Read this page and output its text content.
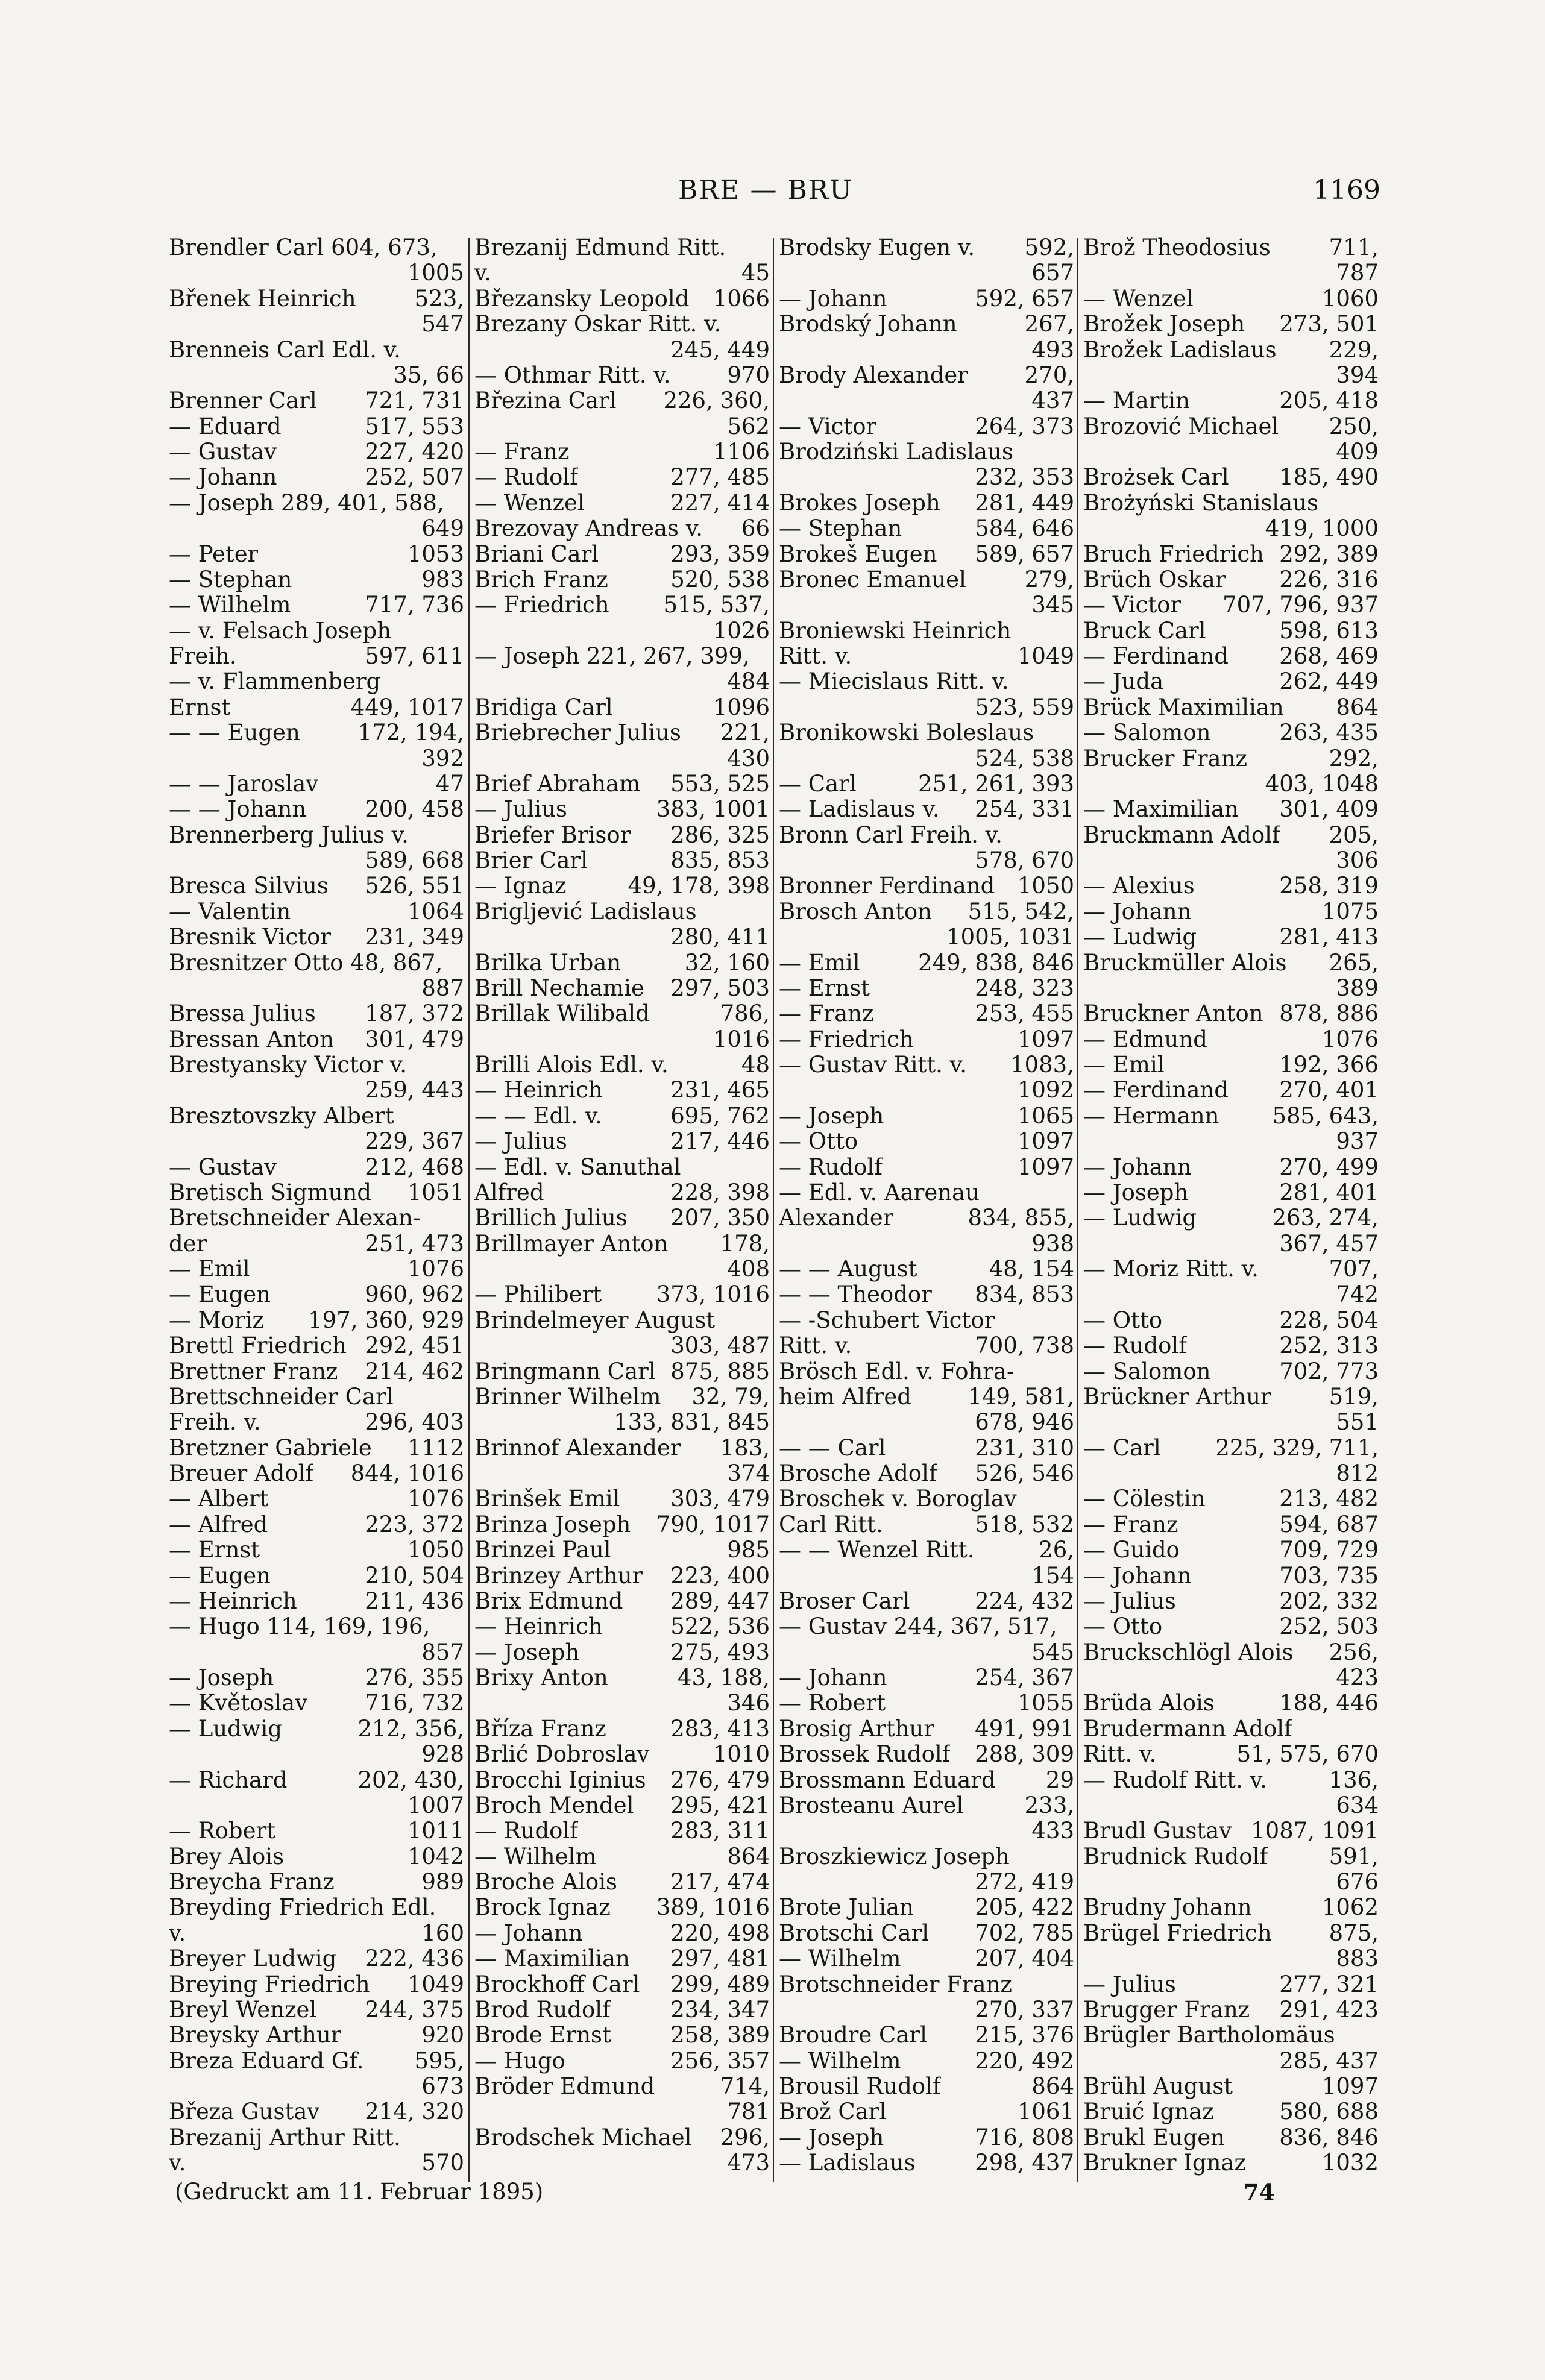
BRE — BRU	1169
Brendler Carl 604, 673,
1005
Břenek Heinrich	523,
547
Brenneis Carl Edl. v.
35, 66
Brenner Carl 721, 731
— Eduard	517, 553
— Gustav	227, 420
— Johann	252, 507
— Joseph 289, 401, 588,
649
— Peter	1053
— Stephan	983
— Wilhelm	717, 736
— v. Felsach Joseph
Freih.	597, 611
— v. Flammenberg
Ernst	449, 1017
— — Eugen	172, 194,
392
— — Jaroslav	47
— — Johann	200, 458
Brennerberg Julius v.
589, 668
Bresca Silvius 526, 551
— Valentin	1064
Bresnik Victor 231, 349
Bresnitzer Otto 48, 867,
887
Bressa Julius 187, 372
Bressan Anton 301, 479
Brestyansky Victor v.
259, 443
Bresztovszky Albert
229, 367
— Gustav	212, 468
Bretisch Sigmund 1051
Bretschneider Alexan-
der	251, 473
— Emil	1076
— Eugen	960, 962
— Moriz 197, 360, 929
Brettl Friedrich 292, 451
Brettner Franz 214, 462
Brettschneider Carl
Freih. v.	296, 403
Bretzner Gabriele 1112
Breuer Adolf 844, 1016
— Albert	1076
— Alfred	223, 372
— Ernst	1050
— Eugen	210, 504
— Heinrich	211, 436
— Hugo 114, 169, 196,
857
— Joseph	276, 355
— Květoslav	716, 732
— Ludwig	212, 356,
928
— Richard	202, 430,
1007
— Robert	1011
Brey Alois	1042
Breycha Franz	989
Breyding Friedrich Edl.
v.	160
Breyer Ludwig 222, 436
Breying Friedrich 1049
Breyl Wenzel 244, 375
Breysky Arthur	920
Breza Eduard Gf. 595,
673
Březa Gustav 214, 320
Brezanij Arthur Ritt.
v.	570
Brezanij Edmund Ritt.
v.	45
Březansky Leopold 1066
Brezany Oskar Ritt. v.
245, 449
— Othmar Ritt. v.	970
Březina Carl 226, 360,
562
— Franz	1106
— Rudolf	277, 485
— Wenzel	227, 414
Brezovay Andreas v. 66
Briani Carl	293, 359
Brich Franz	520, 538
— Friedrich 515, 537,
1026
— Joseph 221, 267, 399,
484
Bridiga Carl	1096
Briebrecher Julius 221,
430
Brief Abraham 553, 525
— Julius	383, 1001
Briefer Brisor 286, 325
Brier Carl	835, 853
— Ignaz	49, 178, 398
Briglјević Ladislaus
280, 411
Brilka Urban	32, 160
Brill Nechamie 297, 503
Brillak Wilibald	786,
1016
Brilli Alois Edl. v.	48
— Heinrich	231, 465
— — Edl. v.	695, 762
— Julius	217, 446
— Edl. v. Sanuthal
Alfred	228, 398
Brillich Julius 207, 350
Brillmayer Anton 178,
408
— Philibert 373, 1016
Brindelmeyer August
303, 487
Bringmann Carl 875, 885
Brinner Wilhelm 32, 79,
133, 831, 845
Brinnof Alexander 183,
374
Brinšek Emil 303, 479
Brinza Joseph 790, 1017
Brinzei Paul	985
Brinzey Arthur 223, 400
Brix Edmund 289, 447
— Heinrich	522, 536
— Joseph	275, 493
Brixy Anton	43, 188,
346
Bříza Franz	283, 413
Brlić Dobroslav	1010
Brocchi Iginius 276, 479
Broch Mendel 295, 421
— Rudolf	283, 311
— Wilhelm	864
Broche Alois 217, 474
Brock Ignaz 389, 1016
— Johann	220, 498
— Maximilian 297, 481
Brockhoff Carl 299, 489
Brod Rudolf	234, 347
Brode Ernst	258, 389
— Hugo	256, 357
Bröder Edmund	714,
781
Brodschek Michael 296,
473
Brodsky Eugen v. 592,
657
— Johann	592, 657
Brodský Johann	267,
493
Brody Alexander	270,
437
— Victor	264, 373
Brodziński Ladislaus
232, 353
Brokes Joseph 281, 449
— Stephan	584, 646
Brokeš Eugen 589, 657
Bronec Emanuel	279,
345
Broniewski Heinrich
Ritt. v.	1049
— Miecislaus Ritt. v.
523, 559
Bronikowski Boleslaus
524, 538
— Carl	251, 261, 393
— Ladislaus v. 254, 331
Bronn Carl Freih. v.
578, 670
Bronner Ferdinand 1050
Brosch Anton 515, 542,
1005, 1031
— Emil	249, 838, 846
— Ernst	248, 323
— Franz	253, 455
— Friedrich	1097
— Gustav Ritt. v. 1083,
1092
— Joseph	1065
— Otto	1097
— Rudolf	1097
— Edl. v. Aarenau
Alexander	834, 855,
938
— — August	48, 154
— — Theodor 834, 853
— -Schubert Victor
Ritt. v.	700, 738
Brösch Edl. v. Fohra-
heim Alfred	149, 581,
678, 946
— — Carl	231, 310
Brosche Adolf 526, 546
Broschek v. Boroglav
Carl Ritt.	518, 532
— — Wenzel Ritt.	26,
154
Broser Carl	224, 432
— Gustav 244, 367, 517,
545
— Johann	254, 367
— Robert	1055
Brosig Arthur 491, 991
Brossek Rudolf 288, 309
Brossmann Eduard 29
Brosteanu Aurel	233,
433
Broszkiewicz Joseph
272, 419
Brote Julian	205, 422
Brotschi Carl 702, 785
— Wilhelm	207, 404
Brotschneider Franz
270, 337
Broudre Carl 215, 376
— Wilhelm	220, 492
Brousil Rudolf	864
Brož Carl	1061
— Joseph	716, 808
— Ladislaus	298, 437
Brož Theodosius	711,
787
— Wenzel	1060
Brožek Joseph 273, 501
Brožek Ladislaus 229,
394
— Martin	205, 418
Brozović Michael 250,
409
Brożsek Carl 185, 490
Brożyński Stanislaus
419, 1000
Bruch Friedrich 292, 389
Brüch Oskar 226, 316
— Victor 707, 796, 937
Bruck Carl	598, 613
— Ferdinand 268, 469
— Juda	262, 449
Brück Maximilian 864
— Salomon	263, 435
Brucker Franz	292,
403, 1048
— Maximilian 301, 409
Bruckmann Adolf 205,
306
— Alexius	258, 319
— Johann	1075
— Ludwig	281, 413
Bruckmüller Alois 265,
389
Bruckner Anton 878, 886
— Edmund	1076
— Emil	192, 366
— Ferdinand 270, 401
— Hermann 585, 643,
937
— Johann	270, 499
— Joseph	281, 401
— Ludwig	263, 274,
367, 457
— Moriz Ritt. v.	707,
742
— Otto	228, 504
— Rudolf	252, 313
— Salomon	702, 773
Brückner Arthur	519,
551
— Carl 225, 329, 711,
812
— Cölestin	213, 482
— Franz	594, 687
— Guido	709, 729
— Johann	703, 735
— Julius	202, 332
— Otto	252, 503
Bruckschlögl Alois 256,
423
Brüda Alois	188, 446
Brudermann Adolf
Ritt. v.	51, 575, 670
— Rudolf Ritt. v.	136,
634
Brudl Gustav 1087, 1091
Brudnick Rudolf	591,
676
Brudny Johann	1062
Brügel Friedrich	875,
883
— Julius	277, 321
Brugger Franz 291, 423
Brügler Bartholomäus
285, 437
Brühl August	1097
Bruić Ignaz	580, 688
Brukl Eugen 836, 846
Brukner Ignaz	1032
(Gedruckt am 11. Februar 1895)	74
